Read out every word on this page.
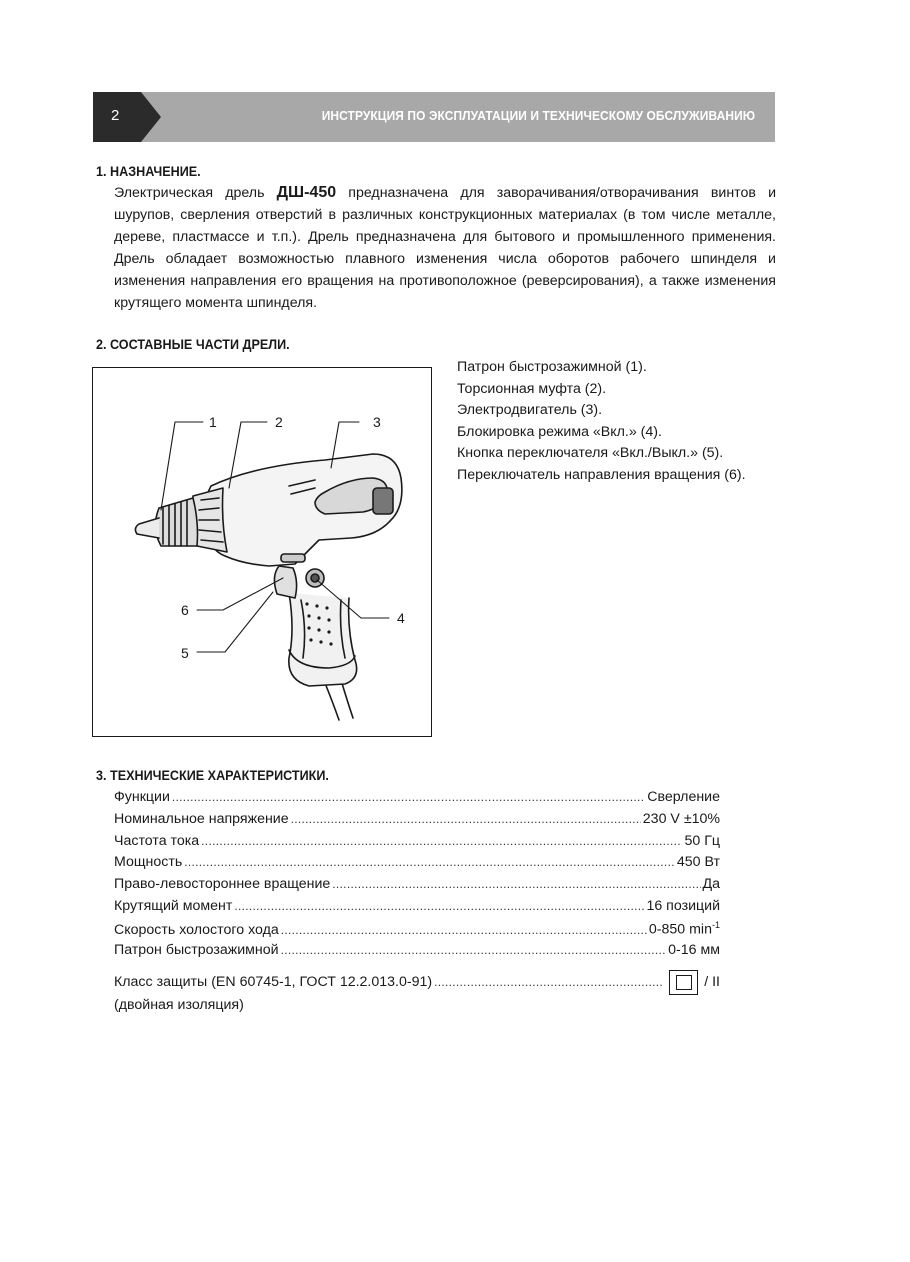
2	ИНСТРУКЦИЯ ПО ЭКСПЛУАТАЦИИ И ТЕХНИЧЕСКОМУ ОБСЛУЖИВАНИЮ
1. НАЗНАЧЕНИЕ.
Электрическая дрель ДШ-450 предназначена для заворачивания/отворачивания винтов и шурупов, сверления отверстий в различных конструкционных материалах (в том числе металле, дереве, пластмассе и т.п.). Дрель предназначена для бытового и промышленного применения. Дрель обладает возможностью плавного изменения числа оборотов рабочего шпинделя и изменения направления его вращения на противоположное (реверсирования), а также изменения крутящего момента шпинделя.
2. СОСТАВНЫЕ ЧАСТИ ДРЕЛИ.
1	2	3
4
5
6
Патрон быстрозажимной (1).
Торсионная муфта (2).
Электродвигатель (3).
Блокировка режима «Вкл.» (4).
Кнопка переключателя «Вкл./Выкл.» (5).
Переключатель направления вращения (6).
3. ТЕХНИЧЕСКИЕ ХАРАКТЕРИСТИКИ.
Функции .....	Сверление
Номинальное напряжение .....	230 V ±10%
Частота тока .....	50 Гц
Мощность .....	450 Вт
Право-левостороннее вращение .....	Да
Крутящий момент .....	16 позиций
Скорость холостого хода .....	0-850 $\min^{-1}$
Патрон быстрозажимной .....	0-16 мм
Класс защиты (EN 60745-1, ГОСТ 12.2.013.0-91) .....	/ II
(двойная изоляция)
